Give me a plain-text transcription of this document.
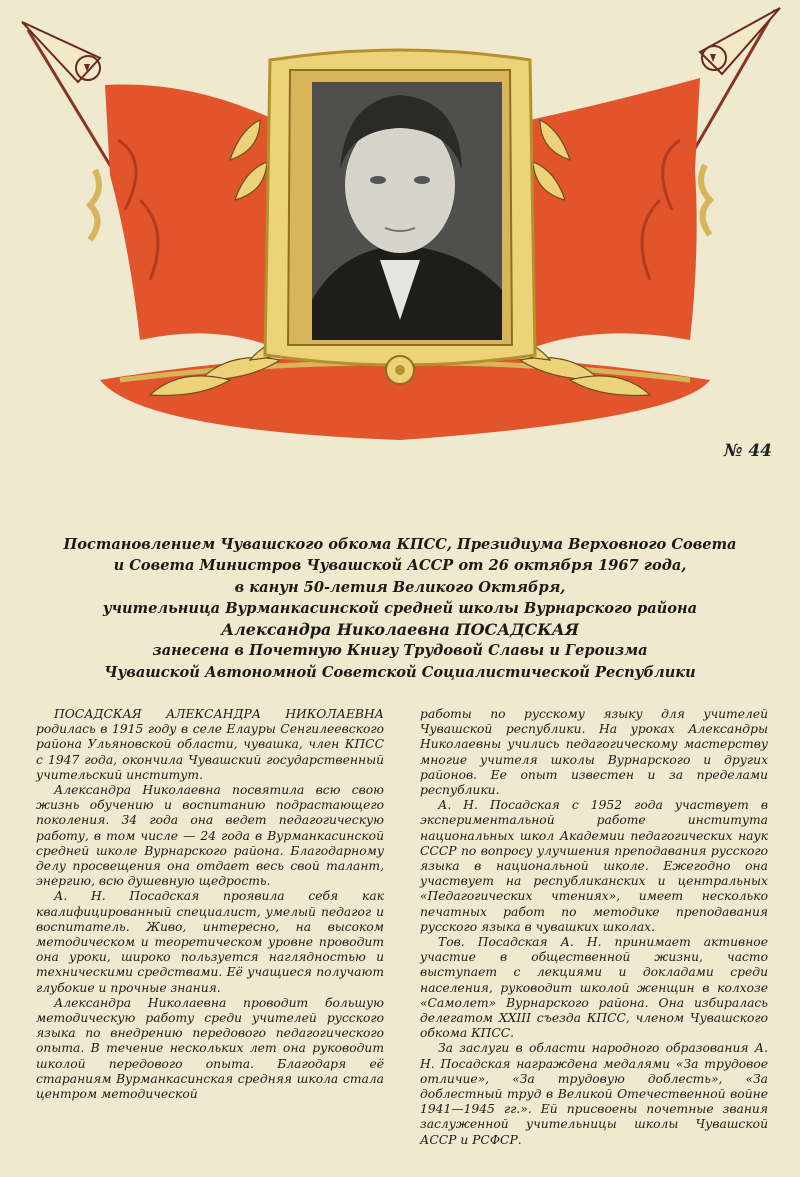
№ 44
Постановлением Чувашского обкома КПСС, Президиума Верховного Совета
и Совета Министров Чувашской АССР от 26 октября 1967 года,
в канун 50-летия Великого Октября,
учительница Вурманкасинской средней школы Вурнарского района
Александра Николаевна ПОСАДСКАЯ
занесена в Почетную Книгу Трудовой Славы и Героизма
Чувашской Автономной Советской Социалистической Республики

ПОСАДСКАЯ АЛЕКСАНДРА НИКОЛАЕВНА родилась в 1915 году в селе Елауры Сенгилеевского района Ульяновской области, чувашка, член КПСС с 1947 года, окончила Чувашский государственный учительский институт.

Александра Николаевна посвятила всю свою жизнь обучению и воспитанию подрастающего поколения. 34 года она ведет педагогическую работу, в том числе — 24 года в Вурманкасинской средней школе Вурнарского района. Благодарному делу просвещения она отдает весь свой талант, энергию, всю душевную щедрость.

А. Н. Посадская проявила себя как квалифицированный специалист, умелый педагог и воспитатель. Живо, интересно, на высоком методическом и теоретическом уровне проводит она уроки, широко пользуется наглядностью и техническими средствами. Её учащиеся получают глубокие и прочные знания.

Александра Николаевна проводит большую методическую работу среди учителей русского языка по внедрению передового педагогического опыта. В течение нескольких лет она руководит школой передового опыта. Благодаря её стараниям Вурманкасинская средняя школа стала центром методической

работы по русскому языку для учителей Чувашской республики. На уроках Александры Николаевны учились педагогическому мастерству многие учителя школы Вурнарского и других районов. Ее опыт известен и за пределами республики.

А. Н. Посадская с 1952 года участвует в экспериментальной работе института национальных школ Академии педагогических наук СССР по вопросу улучшения преподавания русского языка в национальной школе. Ежегодно она участвует на республиканских и центральных «Педагогических чтениях», имеет несколько печатных работ по методике преподавания русского языка в чувашких школах.

Тов. Посадская А. Н. принимает активное участие в общественной жизни, часто выступает с лекциями и докладами среди населения, руководит школой женщин в колхозе «Самолет» Вурнарского района. Она избиралась делегатом XXIII съезда КПСС, членом Чувашского обкома КПСС.

За заслуги в области народного образования А. Н. Посадская награждена медалями «За трудовое отличие», «За трудовую доблесть», «За доблестный труд в Великой Отечественной войне 1941—1945 гг.». Ей присвоены почетные звания заслуженной учительницы школы Чувашской АССР и РСФСР.
